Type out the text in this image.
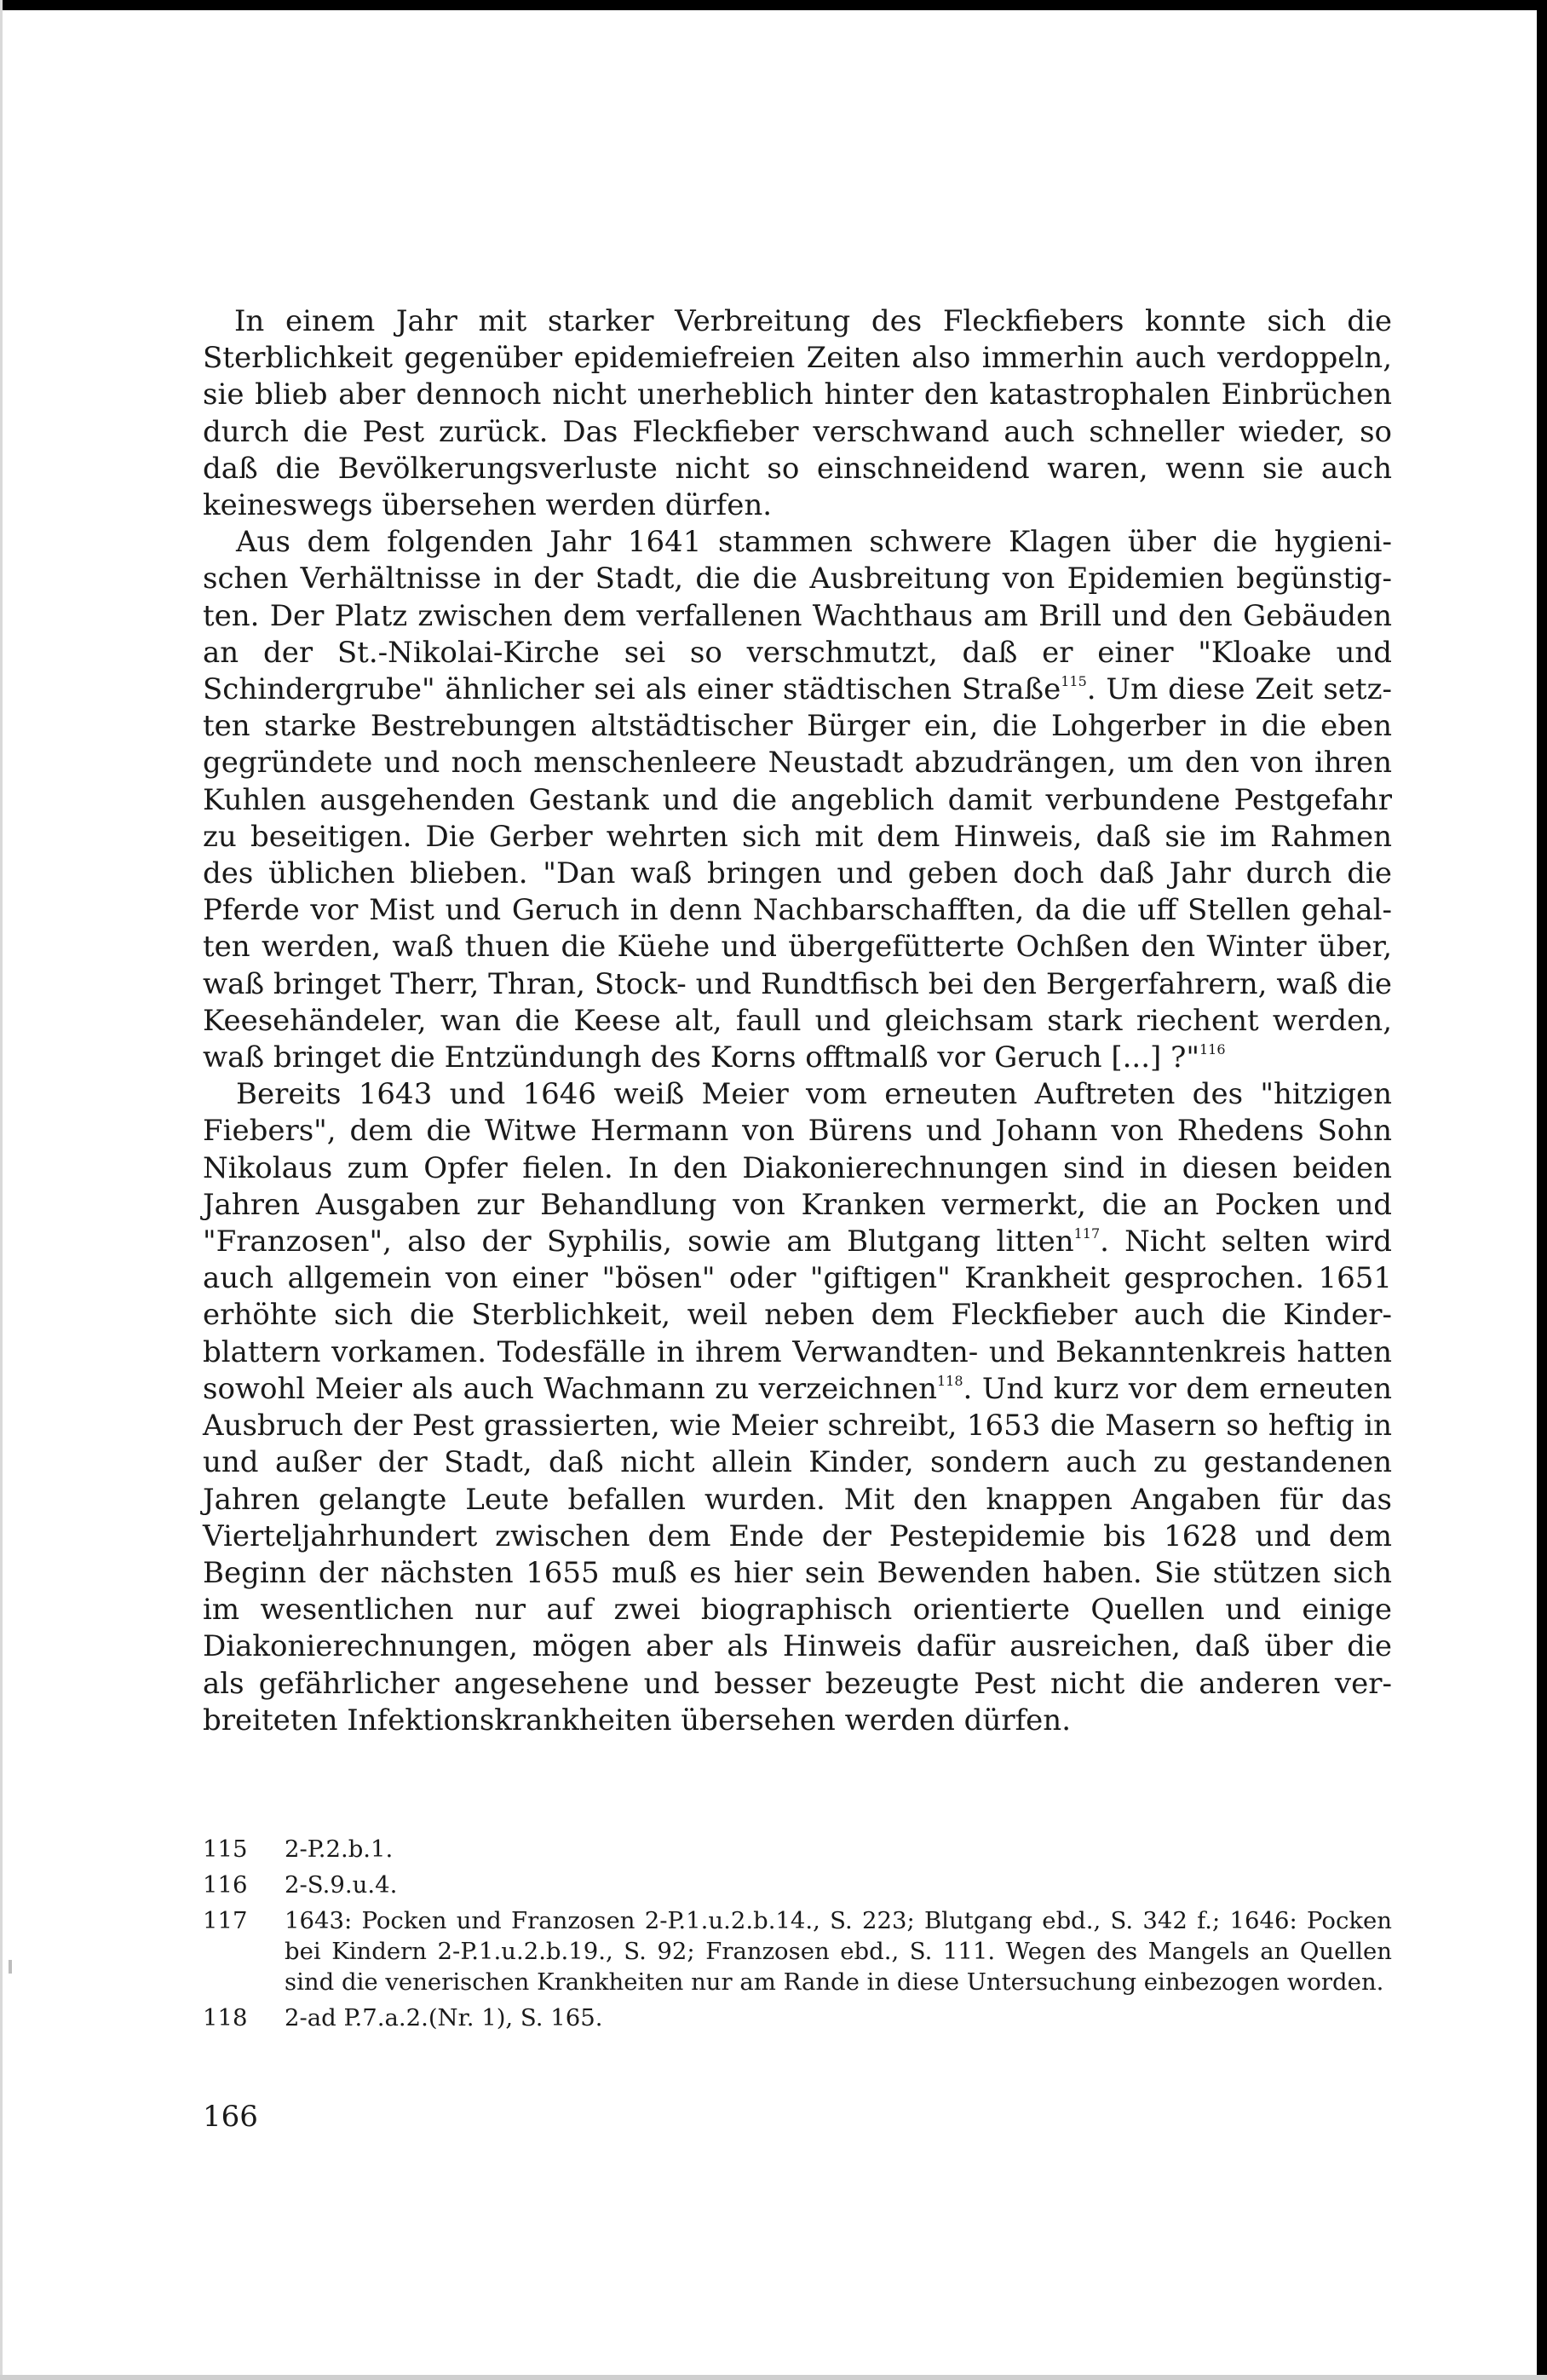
In einem Jahr mit starker Verbreitung des Fleckfiebers konnte sich die Sterblichkeit gegenüber epidemiefreien Zeiten also immerhin auch verdoppeln, sie blieb aber dennoch nicht unerheblich hinter den katastrophalen Einbrüchen durch die Pest zurück. Das Fleckfieber verschwand auch schneller wieder, so daß die Bevölkerungsverluste nicht so einschneidend waren, wenn sie auch keineswegs übersehen werden dürfen.

Aus dem folgenden Jahr 1641 stammen schwere Klagen über die hygienischen Verhältnisse in der Stadt, die die Ausbreitung von Epidemien begünstigten. Der Platz zwischen dem verfallenen Wachthaus am Brill und den Gebäuden an der St.-Nikolai-Kirche sei so verschmutzt, daß er einer "Kloake und Schindergrube" ähnlicher sei als einer städtischen Straße$^{115}$. Um diese Zeit setzten starke Bestrebungen altstädtischer Bürger ein, die Lohgerber in die eben gegründete und noch menschenleere Neustadt abzudrängen, um den von ihren Kuhlen ausgehenden Gestank und die angeblich damit verbundene Pestgefahr zu beseitigen. Die Gerber wehrten sich mit dem Hinweis, daß sie im Rahmen des üblichen blieben. "Dan waß bringen und geben doch daß Jahr durch die Pferde vor Mist und Geruch in denn Nachbarschafften, da die uff Stellen gehalten werden, waß thuen die Küehe und übergefütterte Ochßen den Winter über, waß bringet Therr, Thran, Stock- und Rundtfisch bei den Bergerfahrern, waß die Keesehändeler, wan die Keese alt, faull und gleichsam stark riechent werden, waß bringet die Entzündungh des Korns offtmalß vor Geruch [...] ?"$^{116}$

Bereits 1643 und 1646 weiß Meier vom erneuten Auftreten des "hitzigen Fiebers", dem die Witwe Hermann von Bürens und Johann von Rhedens Sohn Nikolaus zum Opfer fielen. In den Diakonierechnungen sind in diesen beiden Jahren Ausgaben zur Behandlung von Kranken vermerkt, die an Pocken und "Franzosen", also der Syphilis, sowie am Blutgang litten$^{117}$. Nicht selten wird auch allgemein von einer "bösen" oder "giftigen" Krankheit gesprochen. 1651 erhöhte sich die Sterblichkeit, weil neben dem Fleckfieber auch die Kinderblattern vorkamen. Todesfälle in ihrem Verwandten- und Bekanntenkreis hatten sowohl Meier als auch Wachmann zu verzeichnen$^{118}$. Und kurz vor dem erneuten Ausbruch der Pest grassierten, wie Meier schreibt, 1653 die Masern so heftig in und außer der Stadt, daß nicht allein Kinder, sondern auch zu gestandenen Jahren gelangte Leute befallen wurden. Mit den knappen Angaben für das Vierteljahrhundert zwischen dem Ende der Pestepidemie bis 1628 und dem Beginn der nächsten 1655 muß es hier sein Bewenden haben. Sie stützen sich im wesentlichen nur auf zwei biographisch orientierte Quellen und einige Diakonierechnungen, mögen aber als Hinweis dafür ausreichen, daß über die als gefährlicher angesehene und besser bezeugte Pest nicht die anderen verbreiteten Infektionskrankheiten übersehen werden dürfen.

115	2-P.2.b.1.
116	2-S.9.u.4.
117	1643: Pocken und Franzosen 2-P.1.u.2.b.14., S. 223; Blutgang ebd., S. 342 f.; 1646: Pocken bei Kindern 2-P.1.u.2.b.19., S. 92; Franzosen ebd., S. 111. Wegen des Mangels an Quellen sind die venerischen Krankheiten nur am Rande in diese Untersuchung einbezogen worden.
118	2-ad P.7.a.2.(Nr. 1), S. 165.
166
